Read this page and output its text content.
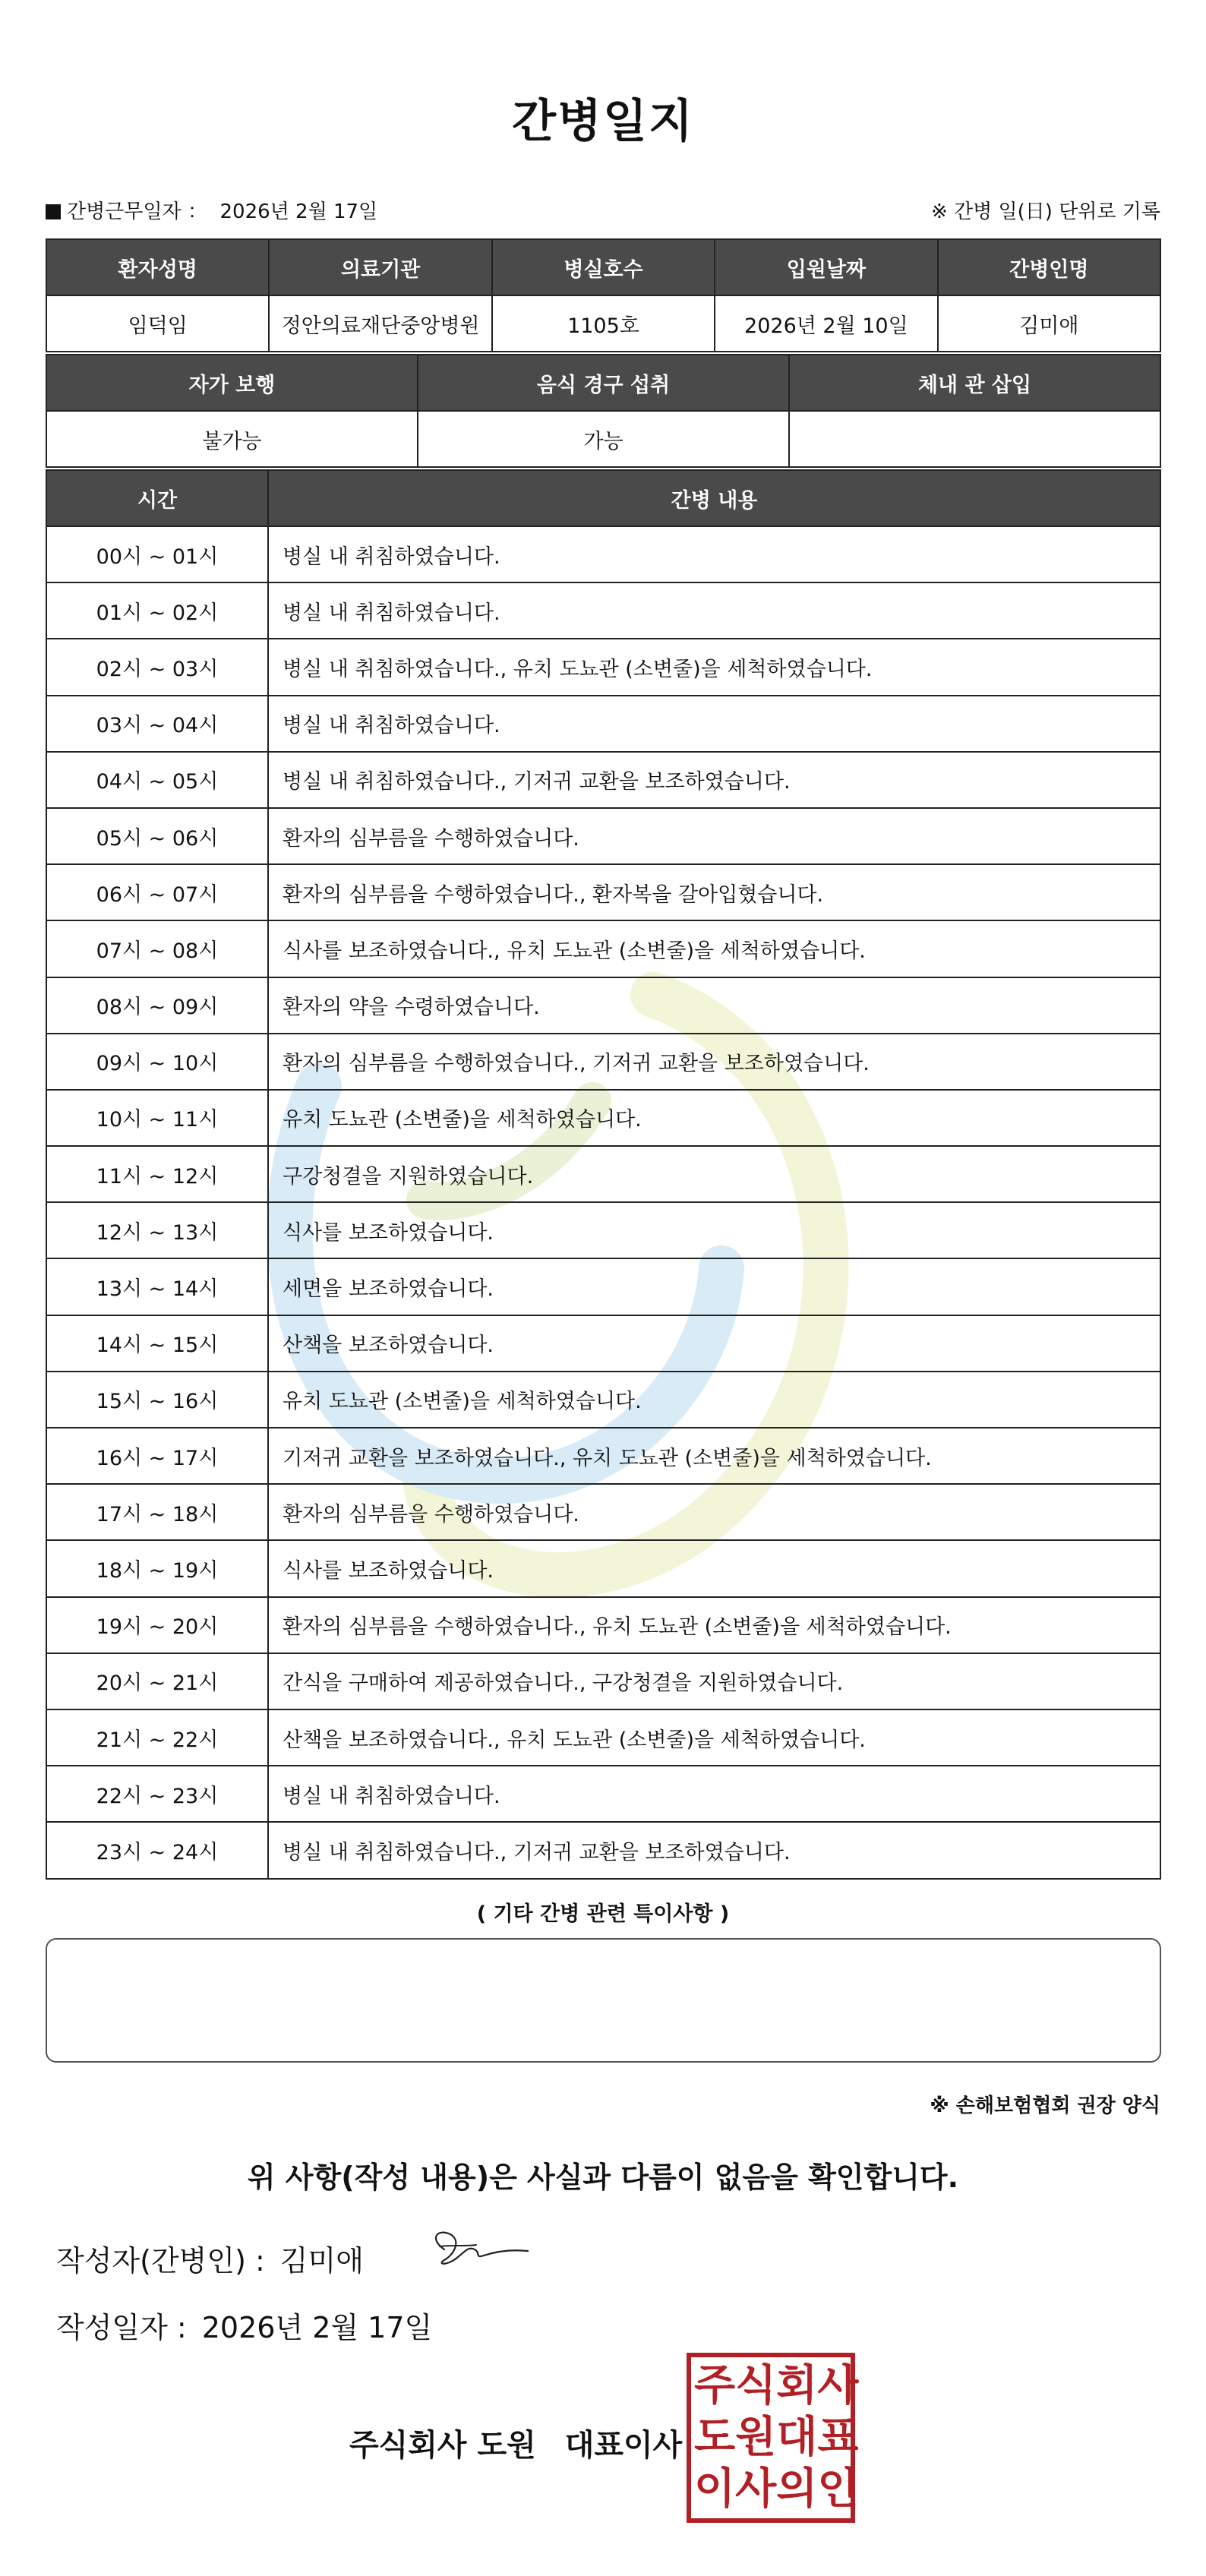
간병일지
간병근무일자 ： 2026년 2월 17일	※ 간병 일(日) 단위로 기록
환자성명	의료기관	병실호수	입원날짜	간병인명
임덕임	정안의료재단중앙병원	1105호	2026년 2월 10일	김미애
자가 보행	음식 경구 섭취	체내 관 삽입
불가능	가능	
시간	간병 내용
00시 ~ 01시	병실 내 취침하였습니다.
01시 ~ 02시	병실 내 취침하였습니다.
02시 ~ 03시	병실 내 취침하였습니다., 유치 도뇨관 (소변줄)을 세척하였습니다.
03시 ~ 04시	병실 내 취침하였습니다.
04시 ~ 05시	병실 내 취침하였습니다., 기저귀 교환을 보조하였습니다.
05시 ~ 06시	환자의 심부름을 수행하였습니다.
06시 ~ 07시	환자의 심부름을 수행하였습니다., 환자복을 갈아입혔습니다.
07시 ~ 08시	식사를 보조하였습니다., 유치 도뇨관 (소변줄)을 세척하였습니다.
08시 ~ 09시	환자의 약을 수령하였습니다.
09시 ~ 10시	환자의 심부름을 수행하였습니다., 기저귀 교환을 보조하였습니다.
10시 ~ 11시	유치 도뇨관 (소변줄)을 세척하였습니다.
11시 ~ 12시	구강청결을 지원하였습니다.
12시 ~ 13시	식사를 보조하였습니다.
13시 ~ 14시	세면을 보조하였습니다.
14시 ~ 15시	산책을 보조하였습니다.
15시 ~ 16시	유치 도뇨관 (소변줄)을 세척하였습니다.
16시 ~ 17시	기저귀 교환을 보조하였습니다., 유치 도뇨관 (소변줄)을 세척하였습니다.
17시 ~ 18시	환자의 심부름을 수행하였습니다.
18시 ~ 19시	식사를 보조하였습니다.
19시 ~ 20시	환자의 심부름을 수행하였습니다., 유치 도뇨관 (소변줄)을 세척하였습니다.
20시 ~ 21시	간식을 구매하여 제공하였습니다., 구강청결을 지원하였습니다.
21시 ~ 22시	산책을 보조하였습니다., 유치 도뇨관 (소변줄)을 세척하였습니다.
22시 ~ 23시	병실 내 취침하였습니다.
23시 ~ 24시	병실 내 취침하였습니다., 기저귀 교환을 보조하였습니다.
( 기타 간병 관련 특이사항 )
※ 손해보험협회 권장 양식
위 사항(작성 내용)은 사실과 다름이 없음을 확인합니다.
작성자(간병인) : 김미애
작성일자 : 2026년 2월 17일
주식회사 도원 대표이사
주 식 회 사
도 원 대 표
이 사 의 인
